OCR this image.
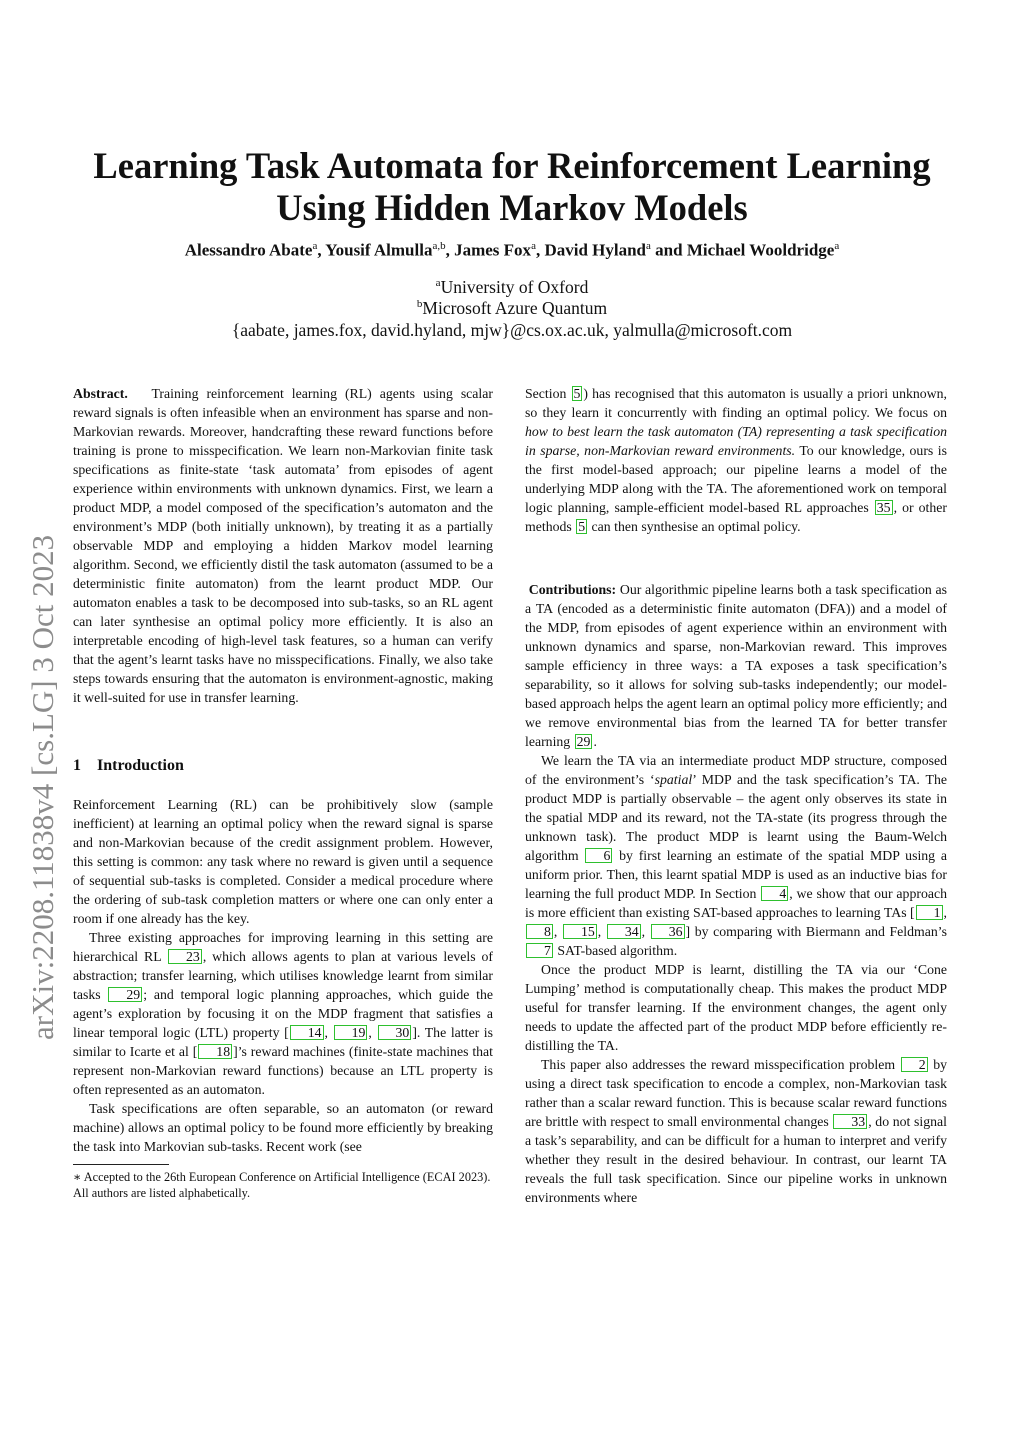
Learning Task Automata for Reinforcement Learning
Using Hidden Markov Models
Alessandro Abate$^a$, Yousif Almulla$^{a,b}$, James Fox$^a$, David Hyland$^a$ and Michael Wooldridge$^a$
$^a$University of Oxford
$^b$Microsoft Azure Quantum
{aabate, james.fox, david.hyland, mjw}@cs.ox.ac.uk, yalmulla@microsoft.com
arXiv:2208.11838v4 [cs.LG] 3 Oct 2023

Abstract. Training reinforcement learning (RL) agents using scalar reward signals is often infeasible when an environment has sparse and non-Markovian rewards. Moreover, handcrafting these reward functions before training is prone to misspecification. We learn non-Markovian finite task specifications as finite-state ‘task automata’ from episodes of agent experience within environments with unknown dynamics. First, we learn a product MDP, a model composed of the specification’s automaton and the environment’s MDP (both initially unknown), by treating it as a partially observable MDP and employing a hidden Markov model learning algorithm. Second, we efficiently distil the task automaton (assumed to be a deterministic finite automaton) from the learnt product MDP. Our automaton enables a task to be decomposed into sub-tasks, so an RL agent can later synthesise an optimal policy more efficiently. It is also an interpretable encoding of high-level task features, so a human can verify that the agent’s learnt tasks have no misspecifications. Finally, we also take steps towards ensuring that the automaton is environment-agnostic, making it well-suited for use in transfer learning.

1 Introduction

Reinforcement Learning (RL) can be prohibitively slow (sample inefficient) at learning an optimal policy when the reward signal is sparse and non-Markovian because of the credit assignment problem. However, this setting is common: any task where no reward is given until a sequence of sequential sub-tasks is completed. Consider a medical procedure where the ordering of sub-task completion matters or where one can only enter a room if one already has the key.

Three existing approaches for improving learning in this setting are hierarchical RL 23 , which allows agents to plan at various levels of abstraction; transfer learning, which utilises knowledge learnt from similar tasks 29 ; and temporal logic planning approaches, which guide the agent’s exploration by focusing it on the MDP fragment that satisfies a linear temporal logic (LTL) property [ 14 , 19 , 30 ]. The latter is similar to Icarte et al [ 18 ]’s reward machines (finite-state machines that represent non-Markovian reward functions) because an LTL property is often represented as an automaton.

Task specifications are often separable, so an automaton (or reward machine) allows an optimal policy to be found more efficiently by breaking the task into Markovian sub-tasks. Recent work (see

∗ Accepted to the 26th European Conference on Artificial Intelligence (ECAI 2023). All authors are listed alphabetically.

Section 5 ) has recognised that this automaton is usually a priori unknown, so they learn it concurrently with finding an optimal policy. We focus on how to best learn the task automaton (TA) representing a task specification in sparse, non-Markovian reward environments. To our knowledge, ours is the first model-based approach; our pipeline learns a model of the underlying MDP along with the TA. The aforementioned work on temporal logic planning, sample-efficient model-based RL approaches 35 , or other methods 5 can then synthesise an optimal policy.

Contributions: Our algorithmic pipeline learns both a task specification as a TA (encoded as a deterministic finite automaton (DFA)) and a model of the MDP, from episodes of agent experience within an environment with unknown dynamics and sparse, non-Markovian reward. This improves sample efficiency in three ways: a TA exposes a task specification’s separability, so it allows for solving sub-tasks independently; our model-based approach helps the agent learn an optimal policy more efficiently; and we remove environmental bias from the learned TA for better transfer learning 29 .

We learn the TA via an intermediate product MDP structure, composed of the environment’s ‘spatial’ MDP and the task specification’s TA. The product MDP is partially observable – the agent only observes its state in the spatial MDP and its reward, not the TA-state (its progress through the unknown task). The product MDP is learnt using the Baum-Welch algorithm 6 by first learning an estimate of the spatial MDP using a uniform prior. Then, this learnt spatial MDP is used as an inductive bias for learning the full product MDP. In Section 4 , we show that our approach is more efficient than existing SAT-based approaches to learning TAs [ 1 , 8 , 15 , 34 , 36 ] by comparing with Biermann and Feldman’s 7 SAT-based algorithm.

Once the product MDP is learnt, distilling the TA via our ‘Cone Lumping’ method is computationally cheap. This makes the product MDP useful for transfer learning. If the environment changes, the agent only needs to update the affected part of the product MDP before efficiently re-distilling the TA.

This paper also addresses the reward misspecification problem 2 by using a direct task specification to encode a complex, non-Markovian task rather than a scalar reward function. This is because scalar reward functions are brittle with respect to small environmental changes 33 , do not signal a task’s separability, and can be difficult for a human to interpret and verify whether they result in the desired behaviour. In contrast, our learnt TA reveals the full task specification. Since our pipeline works in unknown environments where
